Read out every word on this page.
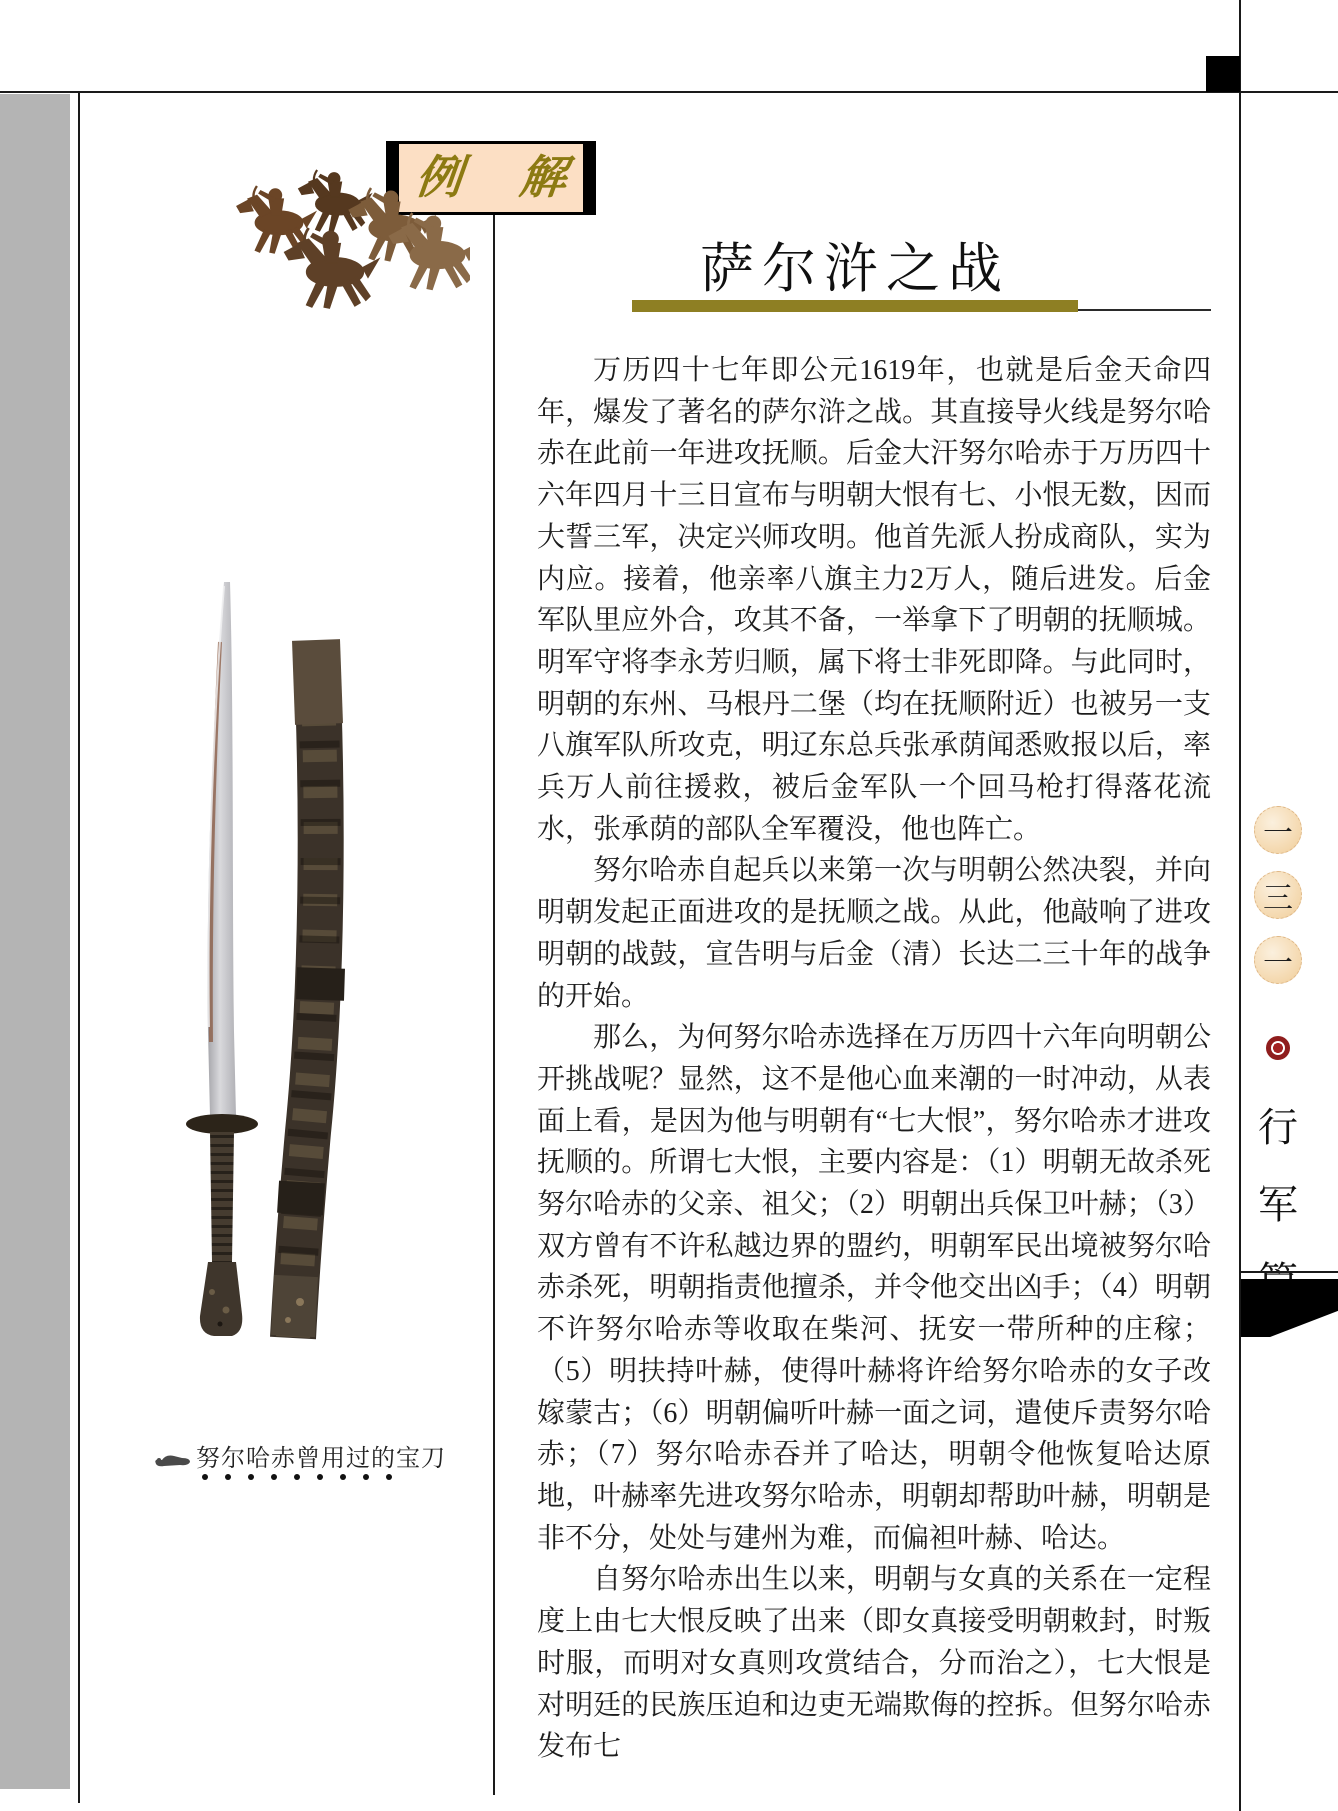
例 解
萨尔浒之战

万历四十七年即公元1619年，也就是后金天命四年，爆发了著名的萨尔浒之战。其直接导火线是努尔哈赤在此前一年进攻抚顺。后金大汗努尔哈赤于万历四十六年四月十三日宣布与明朝大恨有七、小恨无数，因而大誓三军，决定兴师攻明。他首先派人扮成商队，实为内应。接着，他亲率八旗主力2万人，随后进发。后金军队里应外合，攻其不备，一举拿下了明朝的抚顺城。明军守将李永芳归顺，属下将士非死即降。与此同时，明朝的东州、马根丹二堡（均在抚顺附近）也被另一支八旗军队所攻克，明辽东总兵张承荫闻悉败报以后，率兵万人前往援救，被后金军队一个回马枪打得落花流水，张承荫的部队全军覆没，他也阵亡。

努尔哈赤自起兵以来第一次与明朝公然决裂，并向明朝发起正面进攻的是抚顺之战。从此，他敲响了进攻明朝的战鼓，宣告明与后金（清）长达二三十年的战争的开始。

那么，为何努尔哈赤选择在万历四十六年向明朝公开挑战呢？显然，这不是他心血来潮的一时冲动，从表面上看，是因为他与明朝有“七大恨”，努尔哈赤才进攻抚顺的。所谓七大恨，主要内容是：（1）明朝无故杀死努尔哈赤的父亲、祖父；（2）明朝出兵保卫叶赫；（3）双方曾有不许私越边界的盟约，明朝军民出境被努尔哈赤杀死，明朝指责他擅杀，并令他交出凶手；（4）明朝不许努尔哈赤等收取在柴河、抚安一带所种的庄稼；（5）明扶持叶赫，使得叶赫将许给努尔哈赤的女子改嫁蒙古；（6）明朝偏听叶赫一面之词，遣使斥责努尔哈赤；（7）努尔哈赤吞并了哈达，明朝令他恢复哈达原地，叶赫率先进攻努尔哈赤，明朝却帮助叶赫，明朝是非不分，处处与建州为难，而偏袒叶赫、哈达。

自努尔哈赤出生以来，明朝与女真的关系在一定程度上由七大恨反映了出来（即女真接受明朝敕封，时叛时服，而明对女真则攻赏结合，分而治之），七大恨是对明廷的民族压迫和边吏无端欺侮的控拆。但努尔哈赤发布七

努尔哈赤曾用过的宝刀
一
三
一
行
军
